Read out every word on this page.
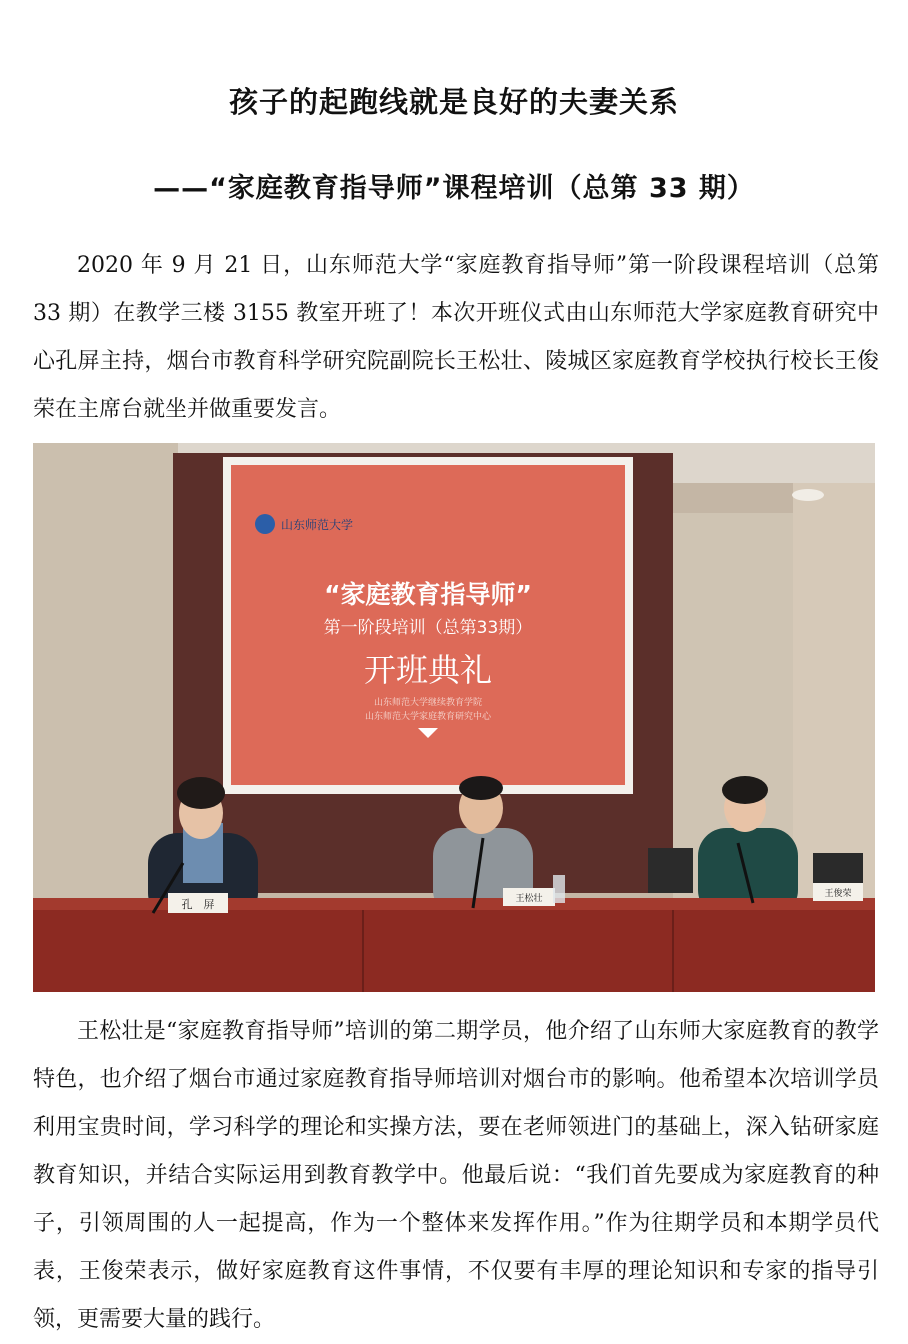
孩子的起跑线就是良好的夫妻关系
——“家庭教育指导师”课程培训（总第 33 期）

2020 年 9 月 21 日，山东师范大学“家庭教育指导师”第一阶段课程培训（总第 33 期）在教学三楼 3155 教室开班了！本次开班仪式由山东师范大学家庭教育研究中心孔屏主持，烟台市教育科学研究院副院长王松壮、陵城区家庭教育学校执行校长王俊荣在主席台就坐并做重要发言。

山东师范大学
“家庭教育指导师”
第一阶段培训（总第33期）
开班典礼
山东师范大学继续教育学院
山东师范大学家庭教育研究中心
孔　屏	王松壮	王俊荣

王松壮是“家庭教育指导师”培训的第二期学员，他介绍了山东师大家庭教育的教学特色，也介绍了烟台市通过家庭教育指导师培训对烟台市的影响。他希望本次培训学员利用宝贵时间，学习科学的理论和实操方法，要在老师领进门的基础上，深入钻研家庭教育知识，并结合实际运用到教育教学中。他最后说：“我们首先要成为家庭教育的种子，引领周围的人一起提高，作为一个整体来发挥作用。”作为往期学员和本期学员代表，王俊荣表示，做好家庭教育这件事情，不仅要有丰厚的理论知识和专家的指导引领，更需要大量的践行。
